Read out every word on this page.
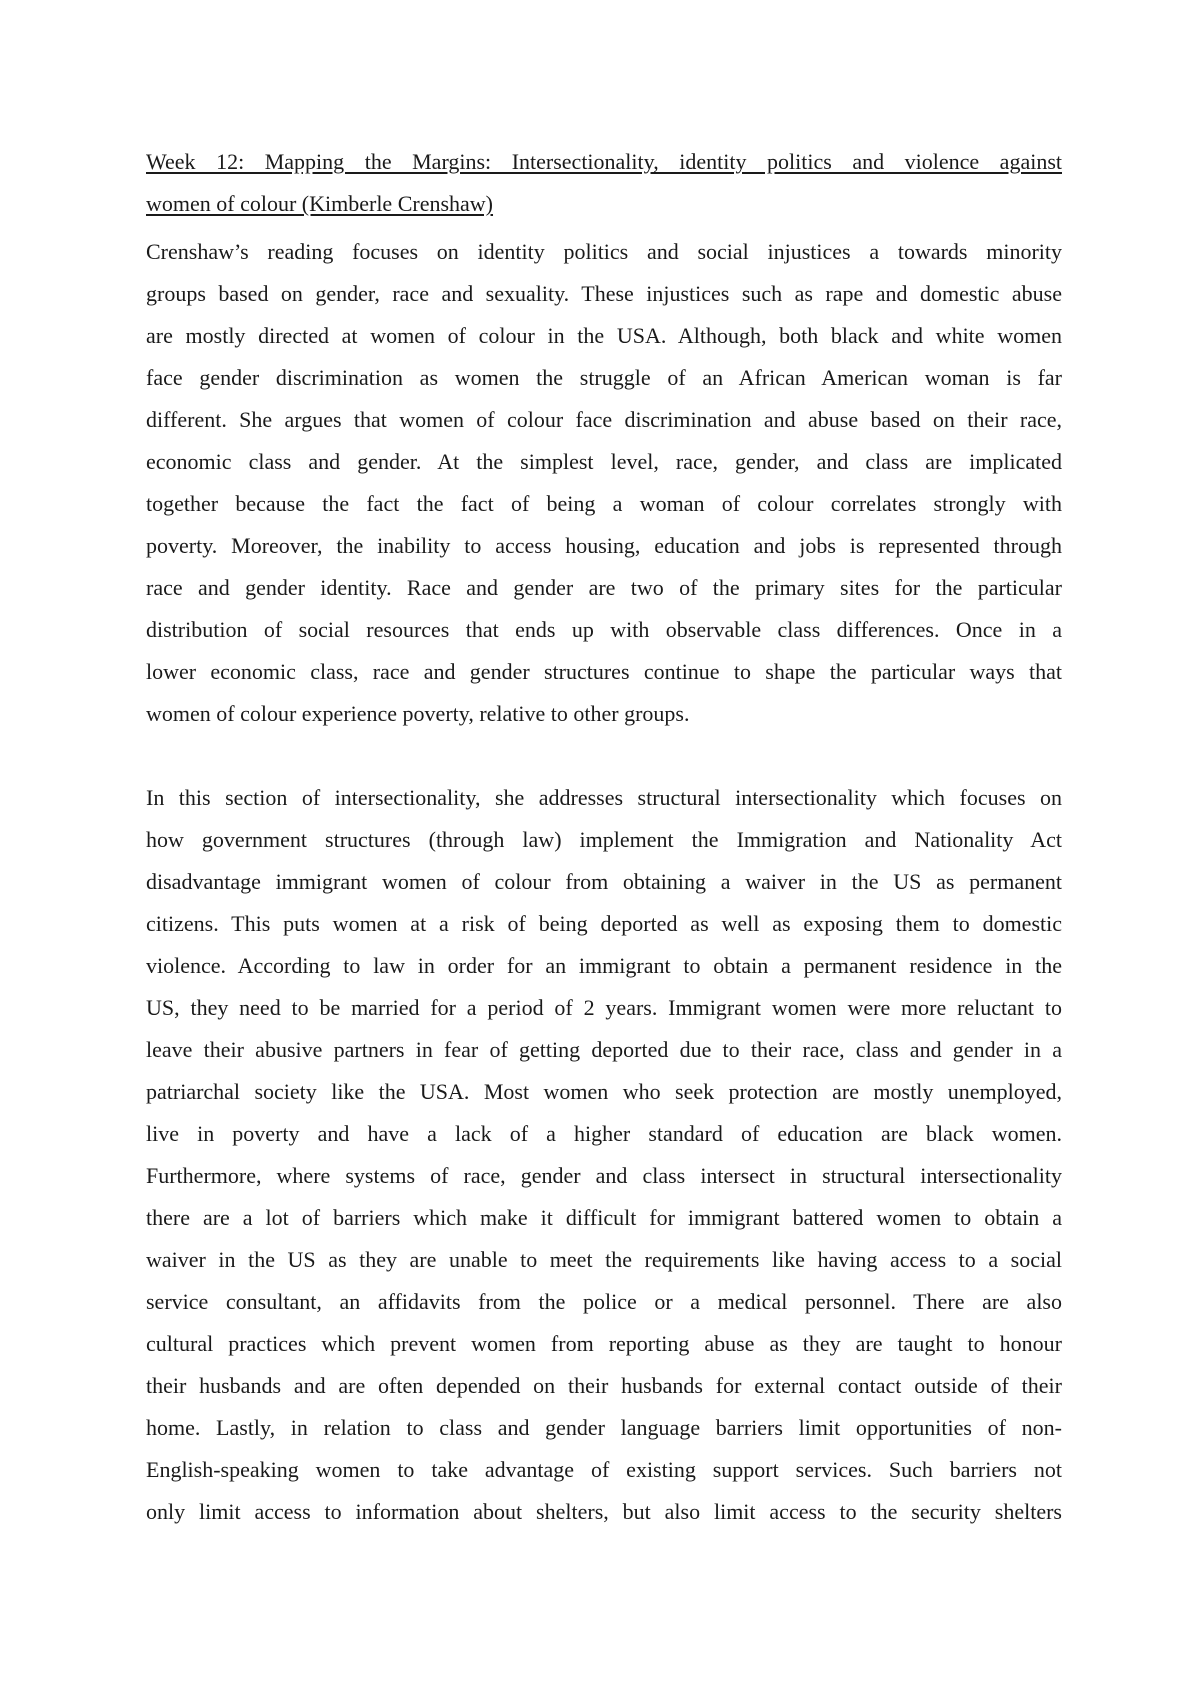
Week 12: Mapping the Margins: Intersectionality, identity politics and violence against
women of colour (Kimberle Crenshaw)
Crenshaw’s reading focuses on identity politics and social injustices a towards minority
groups based on gender, race and sexuality. These injustices such as rape and domestic abuse
are mostly directed at women of colour in the USA. Although, both black and white women
face gender discrimination as women the struggle of an African American woman is far
different. She argues that women of colour face discrimination and abuse based on their race,
economic class and gender. At the simplest level, race, gender, and class are implicated
together because the fact the fact of being a woman of colour correlates strongly with
poverty. Moreover, the inability to access housing, education and jobs is represented through
race and gender identity. Race and gender are two of the primary sites for the particular
distribution of social resources that ends up with observable class differences. Once in a
lower economic class, race and gender structures continue to shape the particular ways that
women of colour experience poverty, relative to other groups.
In this section of intersectionality, she addresses structural intersectionality which focuses on
how government structures (through law) implement the Immigration and Nationality Act
disadvantage immigrant women of colour from obtaining a waiver in the US as permanent
citizens. This puts women at a risk of being deported as well as exposing them to domestic
violence. According to law in order for an immigrant to obtain a permanent residence in the
US, they need to be married for a period of 2 years. Immigrant women were more reluctant to
leave their abusive partners in fear of getting deported due to their race, class and gender in a
patriarchal society like the USA. Most women who seek protection are mostly unemployed,
live in poverty and have a lack of a higher standard of education are black women.
Furthermore, where systems of race, gender and class intersect in structural intersectionality
there are a lot of barriers which make it difficult for immigrant battered women to obtain a
waiver in the US as they are unable to meet the requirements like having access to a social
service consultant, an affidavits from the police or a medical personnel. There are also
cultural practices which prevent women from reporting abuse as they are taught to honour
their husbands and are often depended on their husbands for external contact outside of their
home. Lastly, in relation to class and gender language barriers limit opportunities of non-
English-speaking women to take advantage of existing support services. Such barriers not
only limit access to information about shelters, but also limit access to the security shelters
